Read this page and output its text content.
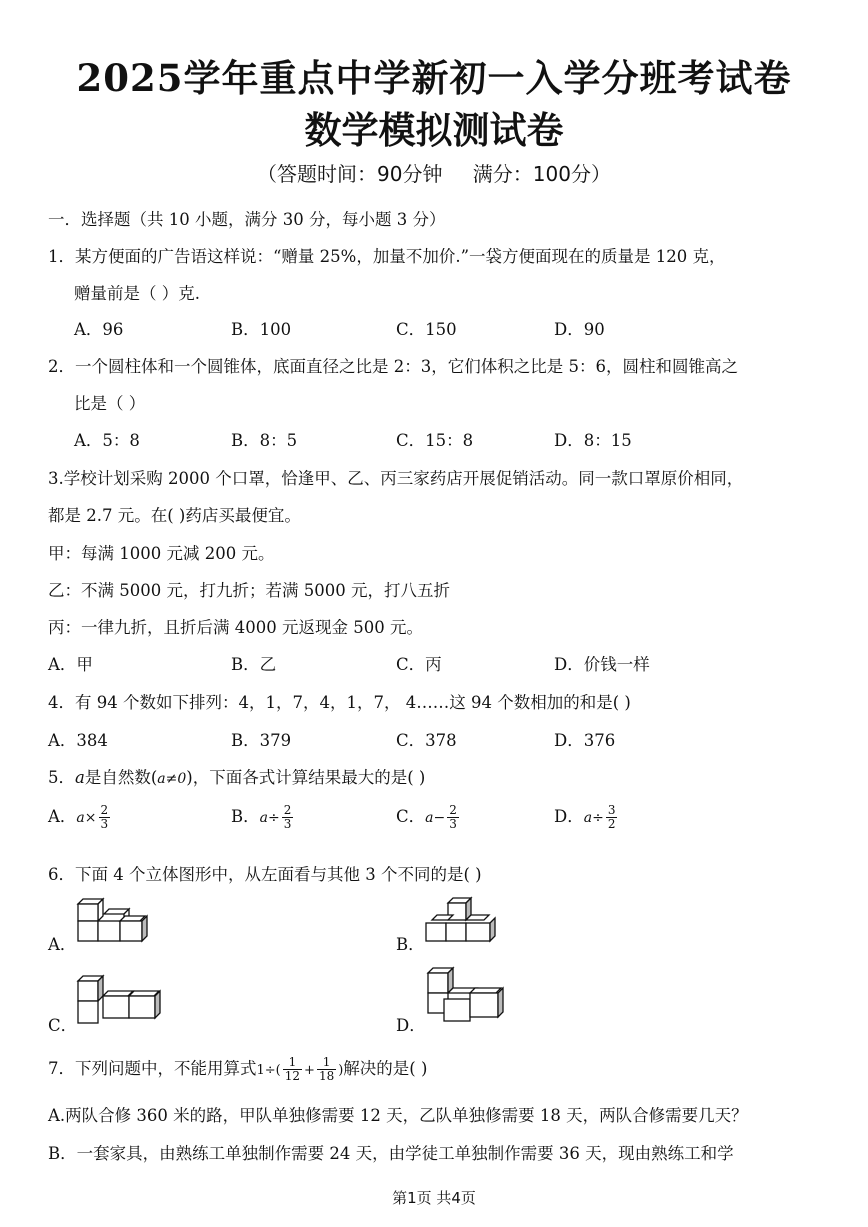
2025学年重点中学新初一入学分班考试卷
数学模拟测试卷
（答题时间：90分钟 满分：100分）
一．选择题（共 10 小题，满分 30 分，每小题 3 分）
1．某方便面的广告语这样说：“赠量 25%，加量不加价.”一袋方便面现在的质量是 120 克，
赠量前是（ ）克.
A．96	B．100	C．150	D．90
2．一个圆柱体和一个圆锥体，底面直径之比是 2：3，它们体积之比是 5：6，圆柱和圆锥高之
比是（ ）
A．5：8	B．8：5	C．15：8	D．8：15
3.学校计划采购 2000 个口罩，恰逢甲、乙、丙三家药店开展促销活动。同一款口罩原价相同，
都是 2.7 元。在( )药店买最便宜。
甲：每满 1000 元减 200 元。
乙：不满 5000 元，打九折；若满 5000 元，打八五折
丙：一律九折，且折后满 4000 元返现金 500 元。
A．甲	B．乙	C．丙	D．价钱一样
4．有 94 个数如下排列：4，1，7，4，1，7， 4……这 94 个数相加的和是( )
A．384	B．379	C．378	D．376
5．a是自然数(a≠0)，下面各式计算结果最大的是( )
A．$a\times \frac{2}{3}$	B．$a\div \frac{2}{3}$	C．$a- \frac{2}{3}$	D．$a\div \frac{3}{2}$
6．下面 4 个立体图形中，从左面看与其他 3 个不同的是( )
A．	B．
C．	D．
7．下列问题中，不能用算式$1\div( \frac{1}{12} + \frac{1}{18}$ )解决的是( )
A.两队合修 360 米的路，甲队单独修需要 12 天，乙队单独修需要 18 天，两队合修需要几天？
B．一套家具，由熟练工单独制作需要 24 天，由学徒工单独制作需要 36 天，现由熟练工和学
第1页 共4页
